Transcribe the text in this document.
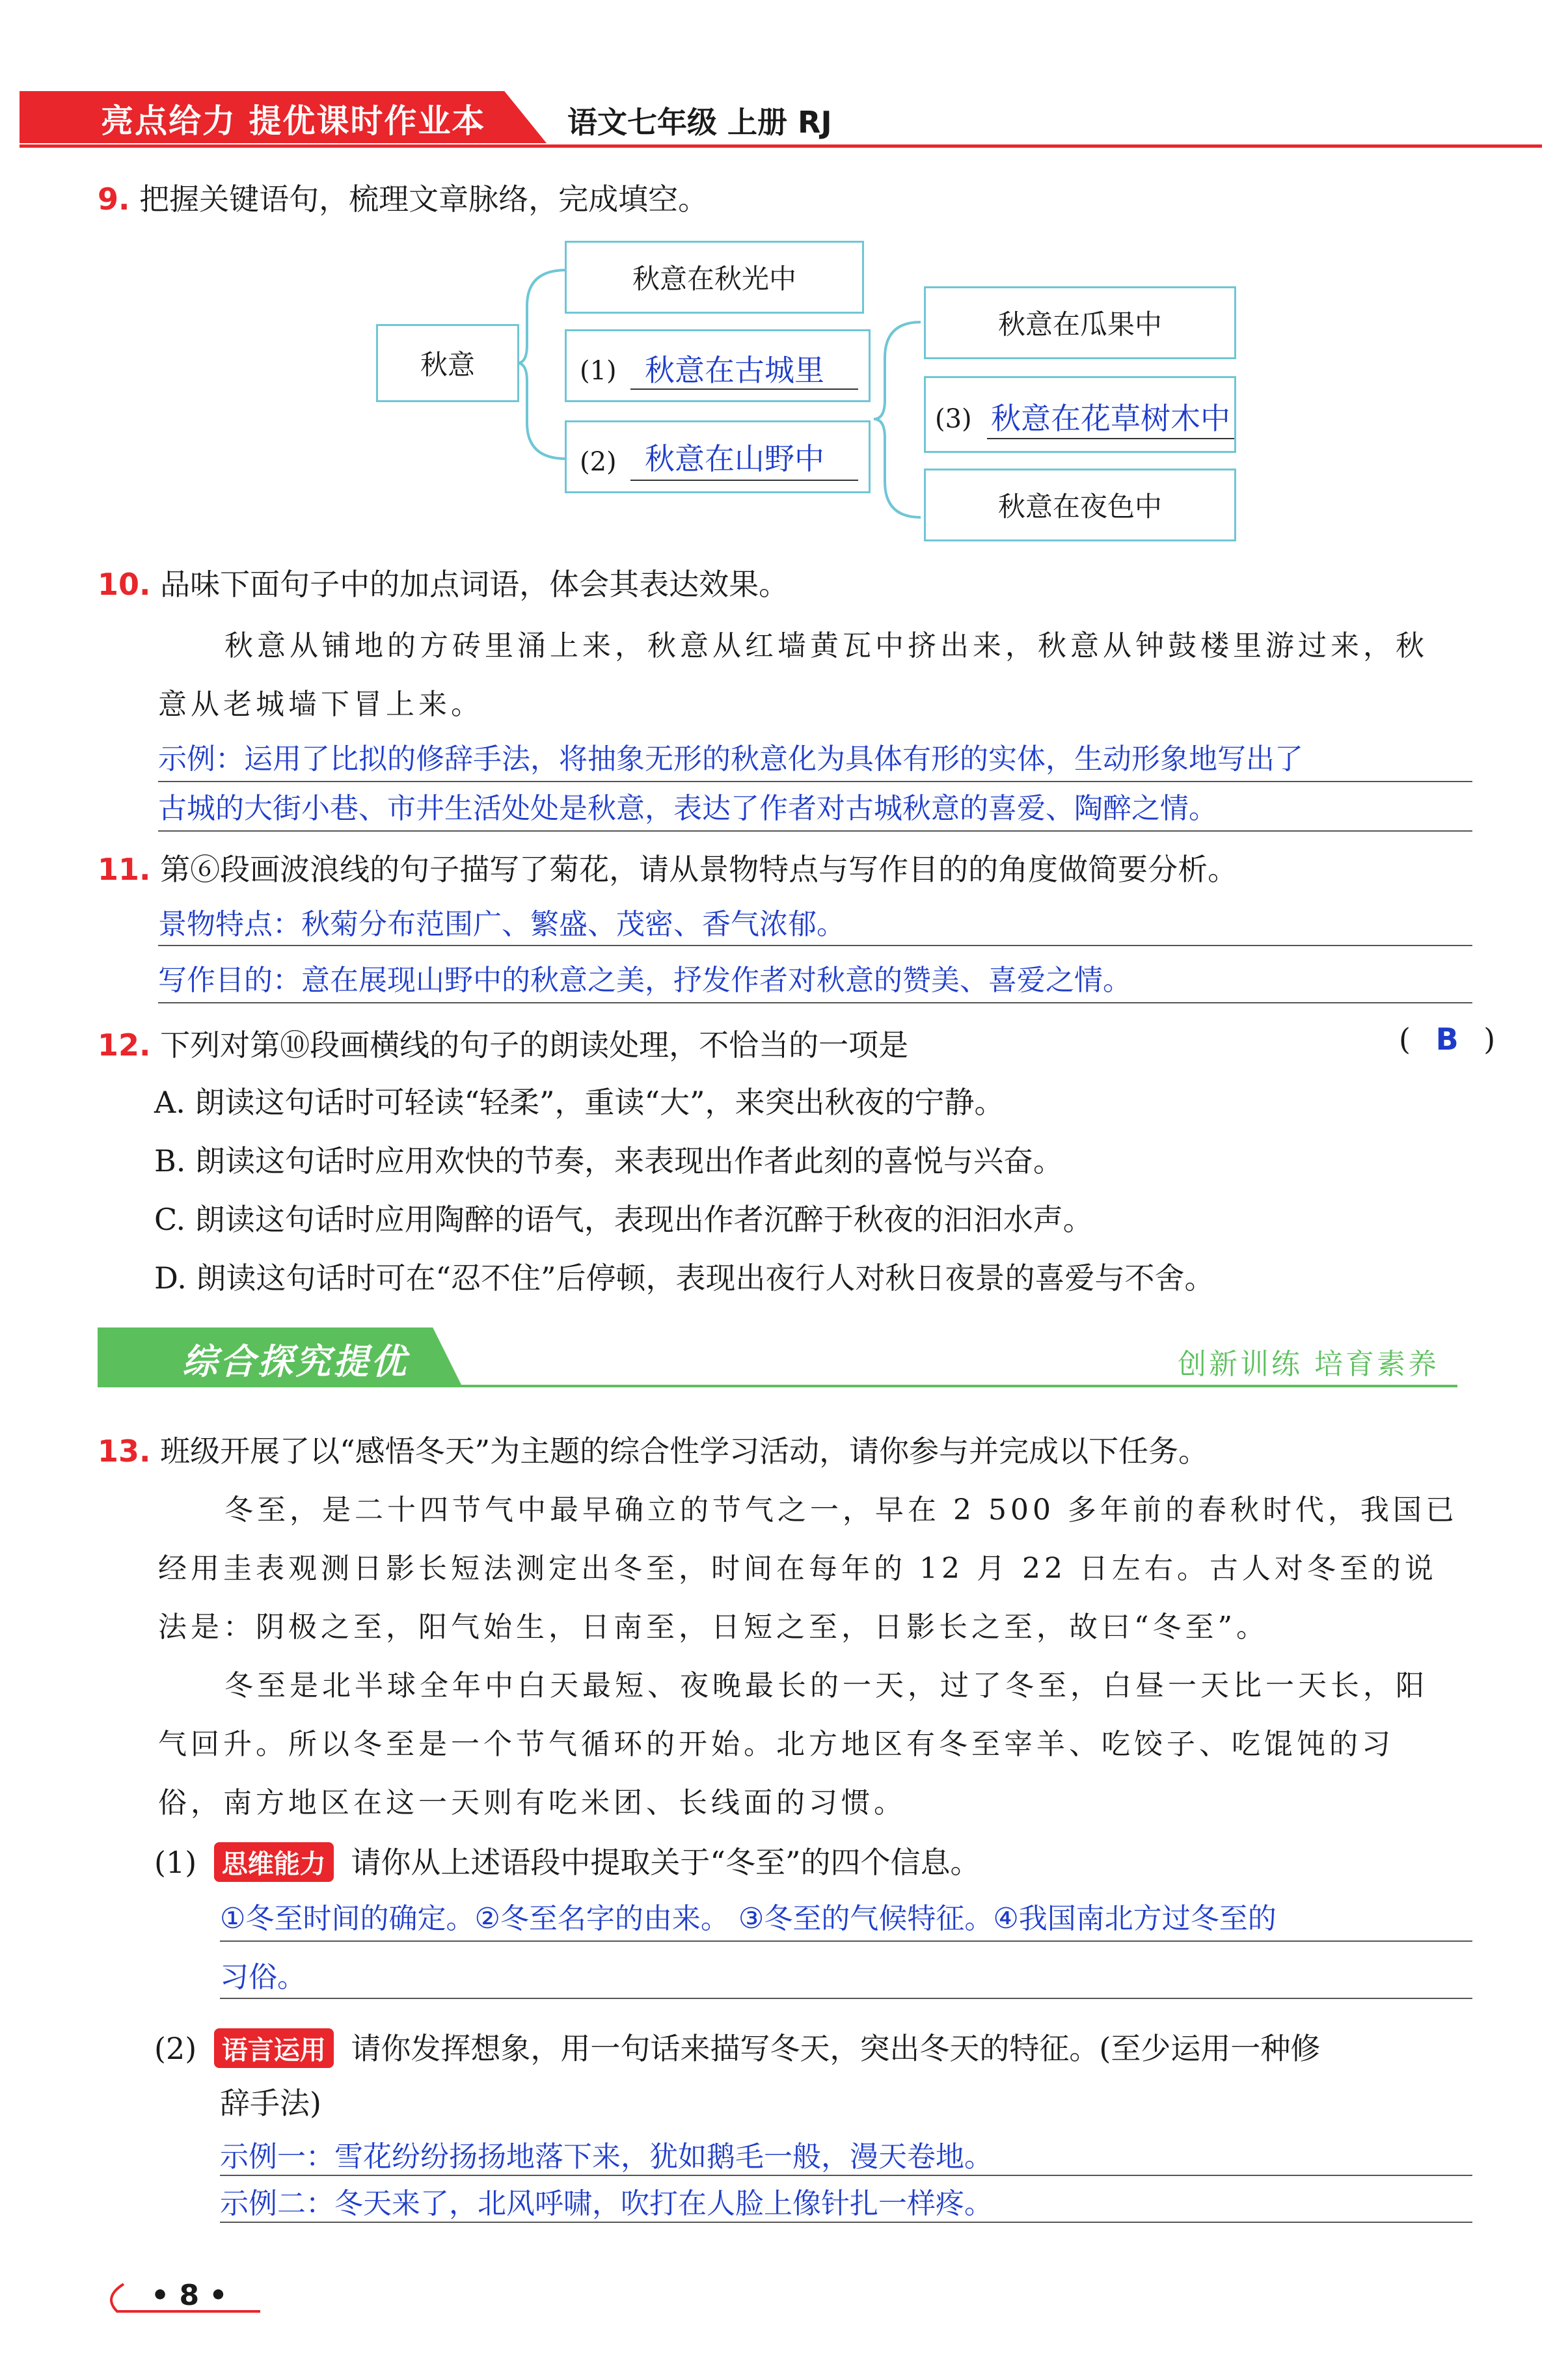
亮点给力 提优课时作业本	语文七年级 上册 RJ
9. 把握关键语句，梳理文章脉络，完成填空。
秋意
秋意在秋光中
(1) 秋意在古城里
(2) 秋意在山野中
秋意在瓜果中
(3) 秋意在花草树木中
秋意在夜色中
10. 品味下面句子中的加点词语，体会其表达效果。
秋意从铺地的方砖里涌上来，秋意从红墙黄瓦中挤出来，秋意从钟鼓楼里游过来，秋
意从老城墙下冒上来。
示例：运用了比拟的修辞手法，将抽象无形的秋意化为具体有形的实体，生动形象地写出了
古城的大街小巷、市井生活处处是秋意，表达了作者对古城秋意的喜爱、陶醉之情。
11. 第⑥段画波浪线的句子描写了菊花，请从景物特点与写作目的的角度做简要分析。
景物特点：秋菊分布范围广、繁盛、茂密、香气浓郁。
写作目的：意在展现山野中的秋意之美，抒发作者对秋意的赞美、喜爱之情。
12. 下列对第⑩段画横线的句子的朗读处理，不恰当的一项是	( B )
A. 朗读这句话时可轻读“轻柔”，重读“大”，来突出秋夜的宁静。
B. 朗读这句话时应用欢快的节奏，来表现出作者此刻的喜悦与兴奋。
C. 朗读这句话时应用陶醉的语气，表现出作者沉醉于秋夜的汩汩水声。
D. 朗读这句话时可在“忍不住”后停顿，表现出夜行人对秋日夜景的喜爱与不舍。
综合探究提优	创新训练 培育素养
13. 班级开展了以“感悟冬天”为主题的综合性学习活动，请你参与并完成以下任务。
冬至，是二十四节气中最早确立的节气之一，早在 2 500 多年前的春秋时代，我国已
经用圭表观测日影长短法测定出冬至，时间在每年的 12 月 22 日左右。古人对冬至的说
法是：阴极之至，阳气始生，日南至，日短之至，日影长之至，故曰“冬至”。
冬至是北半球全年中白天最短、夜晚最长的一天，过了冬至，白昼一天比一天长，阳
气回升。所以冬至是一个节气循环的开始。北方地区有冬至宰羊、吃饺子、吃馄饨的习
俗，南方地区在这一天则有吃米团、长线面的习惯。
(1) 思维能力 请你从上述语段中提取关于“冬至”的四个信息。
①冬至时间的确定。②冬至名字的由来。 ③冬至的气候特征。④我国南北方过冬至的
习俗。
(2) 语言运用 请你发挥想象，用一句话来描写冬天，突出冬天的特征。(至少运用一种修
辞手法)
示例一：雪花纷纷扬扬地落下来，犹如鹅毛一般，漫天卷地。
示例二：冬天来了，北风呼啸，吹打在人脸上像针扎一样疼。
• 8 •
